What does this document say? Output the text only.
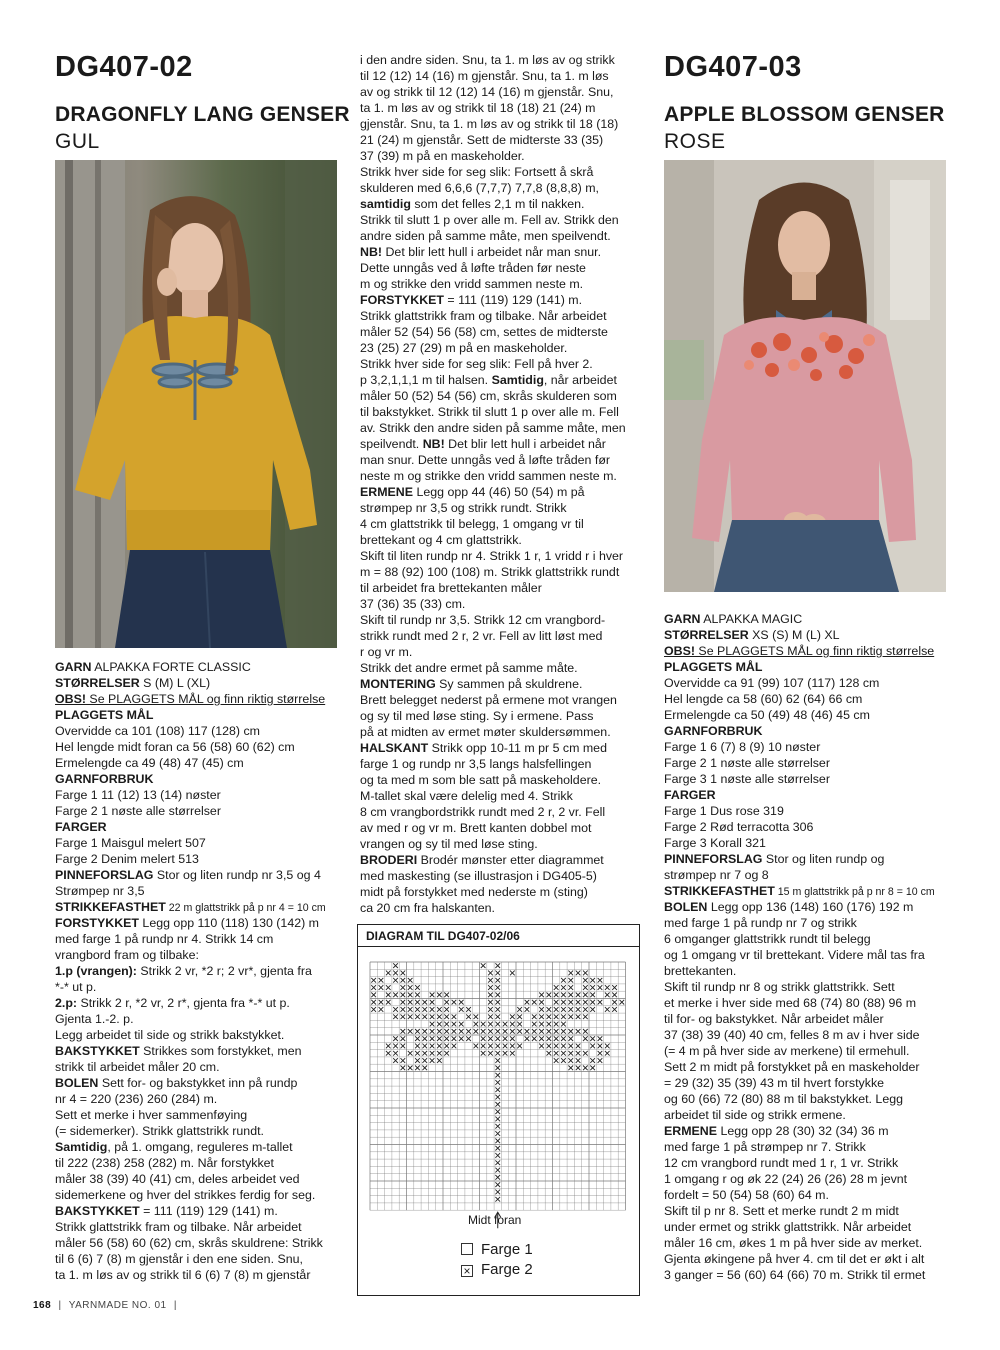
DG407-02
DRAGONFLY LANG GENSER
GUL
GARN ALPAKKA FORTE CLASSIC
STØRRELSER S (M) L (XL)
OBS! Se PLAGGETS MÅL og finn riktig størrelse
PLAGGETS MÅL
Overvidde ca 101 (108) 117 (128) cm
Hel lengde midt foran ca 56 (58) 60 (62) cm
Ermelengde ca 49 (48) 47 (45) cm
GARNFORBRUK
Farge 1 11 (12) 13 (14) nøster
Farge 2 1 nøste alle størrelser
FARGER
Farge 1 Maisgul melert 507
Farge 2 Denim melert 513
PINNEFORSLAG Stor og liten rundp nr 3,5 og 4
Strømpep nr 3,5
STRIKKEFASTHET 22 m glattstrikk på p nr 4 = 10 cm
FORSTYKKET Legg opp 110 (118) 130 (142) m
med farge 1 på rundp nr 4. Strikk 14 cm
vrangbord fram og tilbake:
1.p (vrangen): Strikk 2 vr, *2 r; 2 vr*, gjenta fra
*-* ut p.
2.p: Strikk 2 r, *2 vr, 2 r*, gjenta fra *-* ut p.
Gjenta 1.-2. p.
Legg arbeidet til side og strikk bakstykket.
BAKSTYKKET Strikkes som forstykket, men
strikk til arbeidet måler 20 cm.
BOLEN Sett for- og bakstykket inn på rundp
nr 4 = 220 (236) 260 (284) m.
Sett et merke i hver sammenføying
(= sidemerker). Strikk glattstrikk rundt.
Samtidig, på 1. omgang, reguleres m-tallet
til 222 (238) 258 (282) m. Når forstykket
måler 38 (39) 40 (41) cm, deles arbeidet ved
sidemerkene og hver del strikkes ferdig for seg.
BAKSTYKKET = 111 (119) 129 (141) m.
Strikk glattstrikk fram og tilbake. Når arbeidet
måler 56 (58) 60 (62) cm, skrås skuldrene: Strikk
til 6 (6) 7 (8) m gjenstår i den ene siden. Snu,
ta 1. m løs av og strikk til 6 (6) 7 (8) m gjenstår
i den andre siden. Snu, ta 1. m løs av og strikk
til 12 (12) 14 (16) m gjenstår. Snu, ta 1. m løs
av og strikk til 12 (12) 14 (16) m gjenstår. Snu,
ta 1. m løs av og strikk til 18 (18) 21 (24) m
gjenstår. Snu, ta 1. m løs av og strikk til 18 (18)
21 (24) m gjenstår. Sett de midterste 33 (35)
37 (39) m på en maskeholder.
Strikk hver side for seg slik: Fortsett å skrå
skulderen med 6,6,6 (7,7,7) 7,7,8 (8,8,8) m,
samtidig som det felles 2,1 m til nakken.
Strikk til slutt 1 p over alle m. Fell av. Strikk den
andre siden på samme måte, men speilvendt.
NB! Det blir lett hull i arbeidet når man snur.
Dette unngås ved å løfte tråden før neste
m og strikke den vridd sammen neste m.
FORSTYKKET = 111 (119) 129 (141) m.
Strikk glattstrikk fram og tilbake. Når arbeidet
måler 52 (54) 56 (58) cm, settes de midterste
23 (25) 27 (29) m på en maskeholder.
Strikk hver side for seg slik: Fell på hver 2.
p 3,2,1,1,1 m til halsen. Samtidig, når arbeidet
måler 50 (52) 54 (56) cm, skrås skulderen som
til bakstykket. Strikk til slutt 1 p over alle m. Fell
av. Strikk den andre siden på samme måte, men
speilvendt. NB! Det blir lett hull i arbeidet når
man snur. Dette unngås ved å løfte tråden før
neste m og strikke den vridd sammen neste m.
ERMENE Legg opp 44 (46) 50 (54) m på
strømpep nr 3,5 og strikk rundt. Strikk
4 cm glattstrikk til belegg, 1 omgang vr til
brettekant og 4 cm glattstrikk.
Skift til liten rundp nr 4. Strikk 1 r, 1 vridd r i hver
m = 88 (92) 100 (108) m. Strikk glattstrikk rundt
til arbeidet fra brettekanten måler
37 (36) 35 (33) cm.
Skift til rundp nr 3,5. Strikk 12 cm vrangbord-
strikk rundt med 2 r, 2 vr. Fell av litt løst med
r og vr m.
Strikk det andre ermet på samme måte.
MONTERING Sy sammen på skuldrene.
Brett belegget nederst på ermene mot vrangen
og sy til med løse sting. Sy i ermene. Pass
på at midten av ermet møter skuldersømmen.
HALSKANT Strikk opp 10-11 m pr 5 cm med
farge 1 og rundp nr 3,5 langs halsfellingen
og ta med m som ble satt på maskeholdere.
M-tallet skal være delelig med 4. Strikk
8 cm vrangbordstrikk rundt med 2 r, 2 vr. Fell
av med r og vr m. Brett kanten dobbel mot
vrangen og sy til med løse sting.
BRODERI Brodér mønster etter diagrammet
med maskesting (se illustrasjon i DG405-5)
midt på forstykket med nederste m (sting)
ca 20 cm fra halskanten.
DIAGRAM TIL DG407-02/06
Midt foran
Farge 1
× Farge 2
DG407-03
APPLE BLOSSOM GENSER
ROSE
GARN ALPAKKA MAGIC
STØRRELSER XS (S) M (L) XL
OBS! Se PLAGGETS MÅL og finn riktig størrelse
PLAGGETS MÅL
Overvidde ca 91 (99) 107 (117) 128 cm
Hel lengde ca 58 (60) 62 (64) 66 cm
Ermelengde ca 50 (49) 48 (46) 45 cm
GARNFORBRUK
Farge 1 6 (7) 8 (9) 10 nøster
Farge 2 1 nøste alle størrelser
Farge 3 1 nøste alle størrelser
FARGER
Farge 1 Dus rose 319
Farge 2 Rød terracotta 306
Farge 3 Korall 321
PINNEFORSLAG Stor og liten rundp og
strømpep nr 7 og 8
STRIKKEFASTHET 15 m glattstrikk på p nr 8 = 10 cm
BOLEN Legg opp 136 (148) 160 (176) 192 m
med farge 1 på rundp nr 7 og strikk
6 omganger glattstrikk rundt til belegg
og 1 omgang vr til brettekant. Videre mål tas fra
brettekanten.
Skift til rundp nr 8 og strikk glattstrikk. Sett
et merke i hver side med 68 (74) 80 (88) 96 m
til for- og bakstykket. Når arbeidet måler
37 (38) 39 (40) 40 cm, felles 8 m av i hver side
(= 4 m på hver side av merkene) til ermehull.
Sett 2 m midt på forstykket på en maskeholder
= 29 (32) 35 (39) 43 m til hvert forstykke
og 60 (66) 72 (80) 88 m til bakstykket. Legg
arbeidet til side og strikk ermene.
ERMENE Legg opp 28 (30) 32 (34) 36 m
med farge 1 på strømpep nr 7. Strikk
12 cm vrangbord rundt med 1 r, 1 vr. Strikk
1 omgang r og øk 22 (24) 26 (26) 28 m jevnt
fordelt = 50 (54) 58 (60) 64 m.
Skift til p nr 8. Sett et merke rundt 2 m midt
under ermet og strikk glattstrikk. Når arbeidet
måler 16 cm, økes 1 m på hver side av merket.
Gjenta økingene på hver 4. cm til det er økt i alt
3 ganger = 56 (60) 64 (66) 70 m. Strikk til ermet
168 | YARNMADE NO. 01 |
